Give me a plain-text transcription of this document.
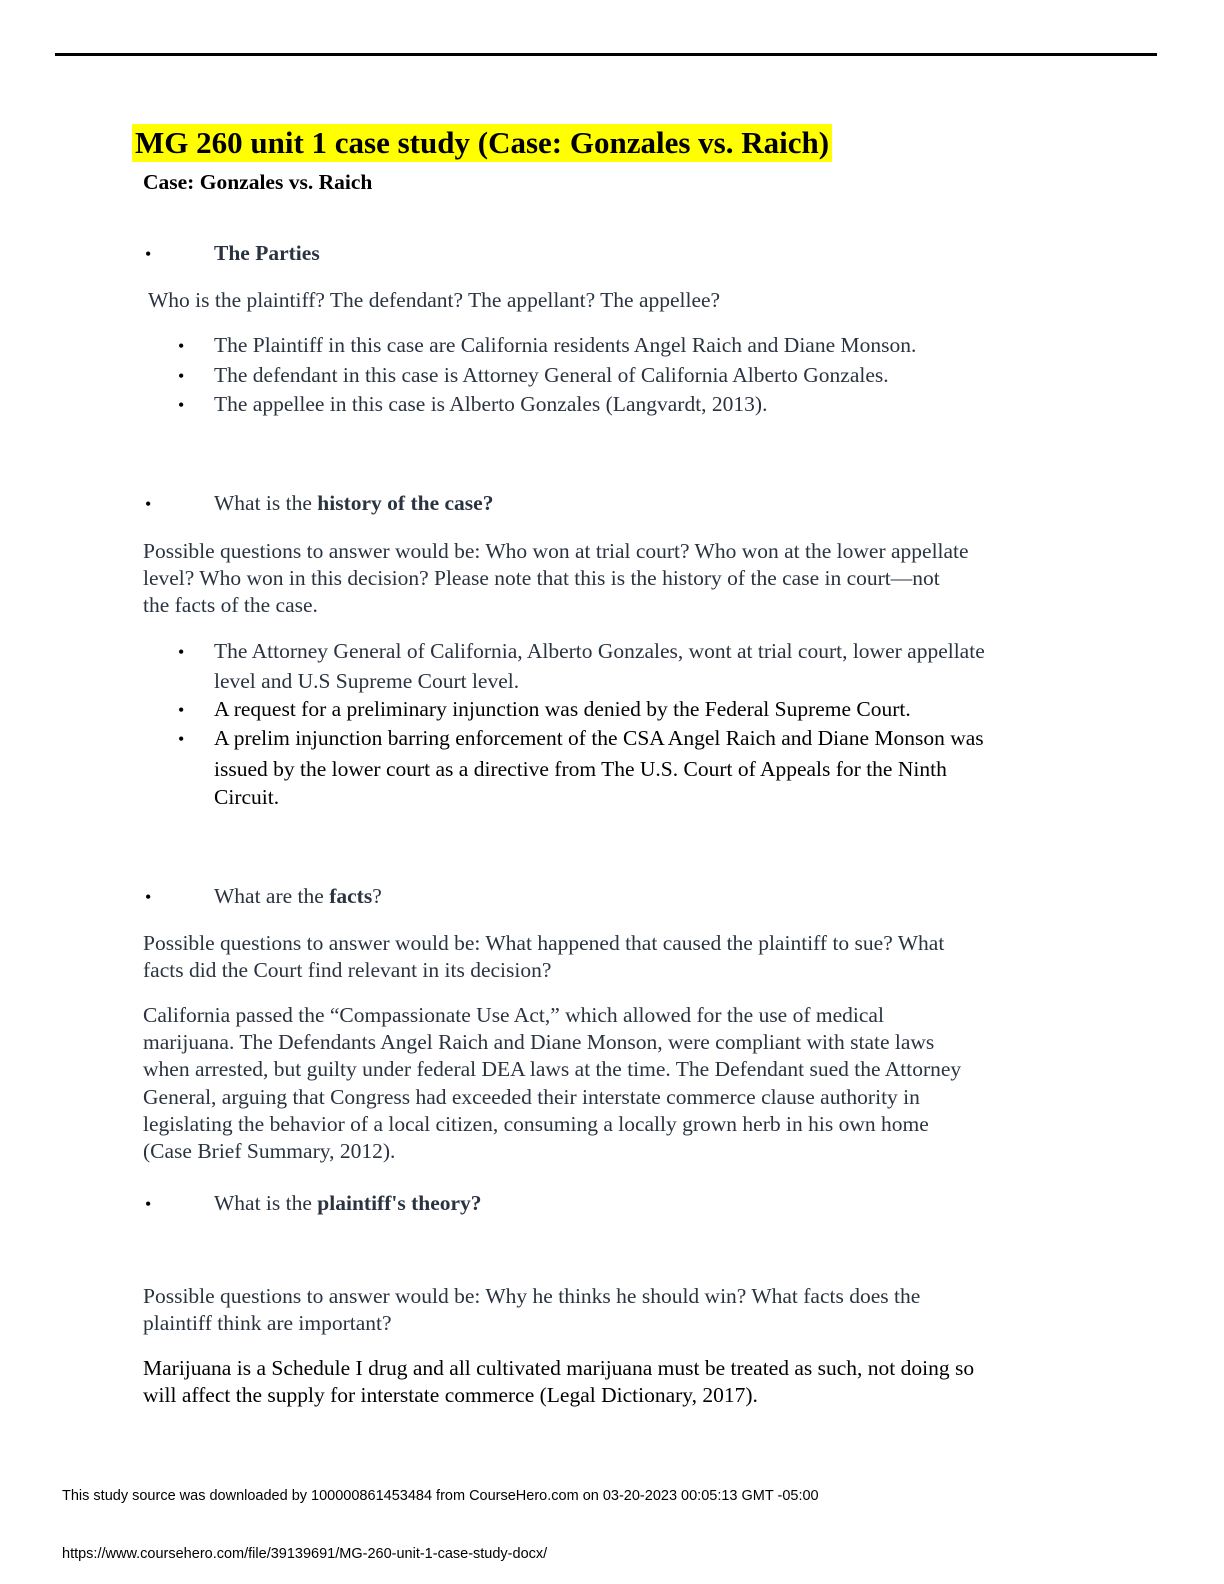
MG 260 unit 1 case study (Case: Gonzales vs. Raich)
Case: Gonzales vs. Raich
•	The Parties
Who is the plaintiff? The defendant? The appellant? The appellee?
• The Plaintiff in this case are California residents Angel Raich and Diane Monson.
• The defendant in this case is Attorney General of California Alberto Gonzales.
• The appellee in this case is Alberto Gonzales (Langvardt, 2013).
•	What is the history of the case?
Possible questions to answer would be: Who won at trial court? Who won at the lower appellate
level? Who won in this decision? Please note that this is the history of the case in court—not
the facts of the case.
• The Attorney General of California, Alberto Gonzales, wont at trial court, lower appellate
level and U.S Supreme Court level.
• A request for a preliminary injunction was denied by the Federal Supreme Court.
• A prelim injunction barring enforcement of the CSA Angel Raich and Diane Monson was
issued by the lower court as a directive from The U.S. Court of Appeals for the Ninth
Circuit.
•	What are the facts?
Possible questions to answer would be: What happened that caused the plaintiff to sue? What
facts did the Court find relevant in its decision?
California passed the “Compassionate Use Act,” which allowed for the use of medical
marijuana. The Defendants Angel Raich and Diane Monson, were compliant with state laws
when arrested, but guilty under federal DEA laws at the time. The Defendant sued the Attorney
General, arguing that Congress had exceeded their interstate commerce clause authority in
legislating the behavior of a local citizen, consuming a locally grown herb in his own home
(Case Brief Summary, 2012).
•	What is the plaintiff's theory?
Possible questions to answer would be: Why he thinks he should win? What facts does the
plaintiff think are important?
Marijuana is a Schedule I drug and all cultivated marijuana must be treated as such, not doing so
will affect the supply for interstate commerce (Legal Dictionary, 2017).
This study source was downloaded by 100000861453484 from CourseHero.com on 03-20-2023 00:05:13 GMT -05:00
https://www.coursehero.com/file/39139691/MG-260-unit-1-case-study-docx/
